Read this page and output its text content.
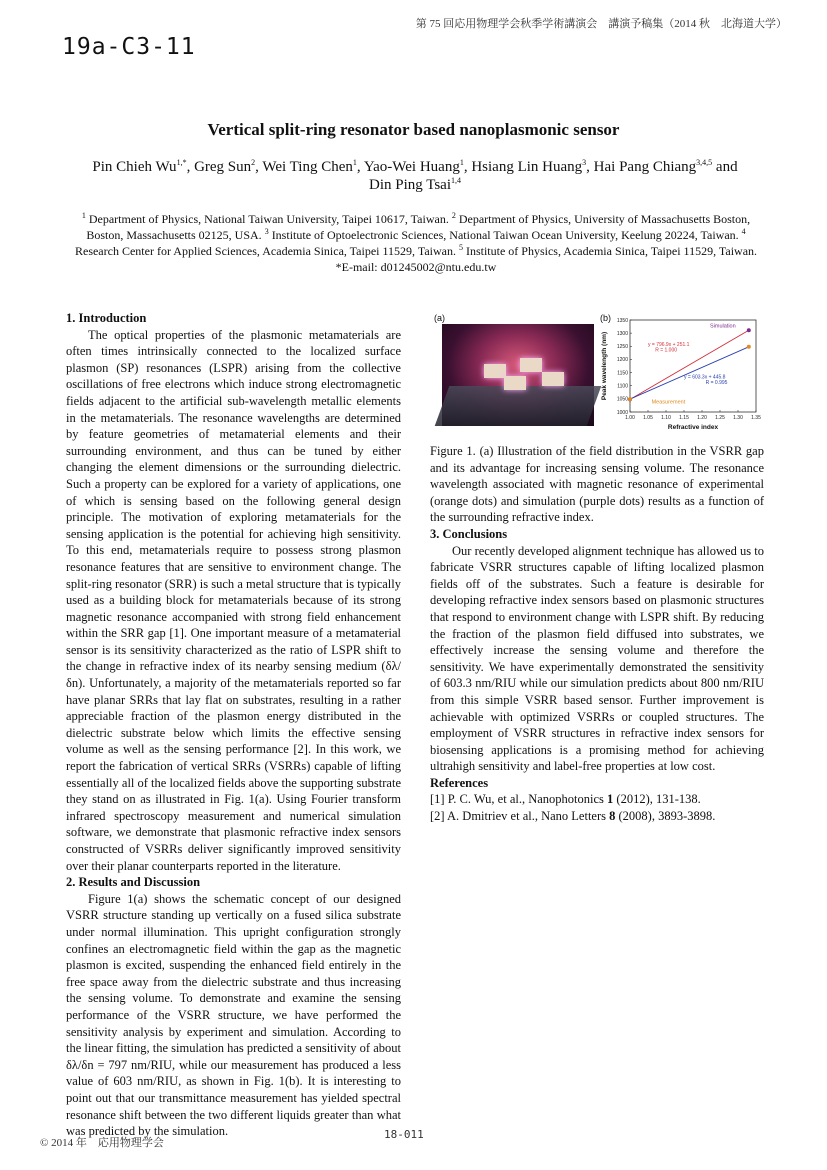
19a-C3-11
第 75 回応用物理学会秋季学術講演会　講演予稿集（2014 秋　北海道大学）
Vertical split-ring resonator based nanoplasmonic sensor
Pin Chieh $Wu^{1,*}$, Greg Sun$^2$, Wei Ting Chen$^1$, Yao-Wei Huang$^1$, Hsiang Lin Huang$^3$, Hai Pang Chiang$^{3,4,5}$ and Din Ping Tsai$^{1,4}$
$^1$ Department of Physics, National Taiwan University, Taipei 10617, Taiwan. $^2$ Department of Physics, University of Massachusetts Boston, Boston, Massachusetts 02125, USA. $^3$ Institute of Optoelectronic Sciences, National Taiwan Ocean University, Keelung 20224, Taiwan. $^4$ Research Center for Applied Sciences, Academia Sinica, Taipei 11529, Taiwan. $^5$ Institute of Physics, Academia Sinica, Taipei 11529, Taiwan.
*E-mail: d01245002@ntu.edu.tw
1. Introduction

The optical properties of the plasmonic metamaterials are often times intrinsically connected to the localized surface plasmon (SP) resonances (LSPR) arising from the collective oscillations of free electrons which induce strong electromagnetic fields adjacent to the artificial sub-wavelength metallic elements in the metamaterials. The resonance wavelengths are determined by feature geometries of metamaterial elements and their surrounding environment, and thus can be tuned by either changing the element dimensions or the surrounding dielectric. Such a property can be explored for a variety of applications, one of which is sensing based on the following general design principle. The motivation of exploring metamaterials for the sensing application is the potential for achieving high sensitivity. To this end, metamaterials require to possess strong plasmon resonance features that are sensitive to environment change. The split-ring resonator (SRR) is such a metal structure that is typically used as a building block for metamaterials because of its strong magnetic resonance accompanied with strong field enhancement within the SRR gap [1]. One important measure of a metamaterial sensor is its sensitivity characterized as the ratio of LSPR shift to the change in refractive index of its nearby sensing medium (δλ/δn). Unfortunately, a majority of the metamaterials reported so far have planar SRRs that lay flat on substrates, resulting in a rather appreciable fraction of the plasmon energy distributed in the dielectric substrate below which limits the effective sensing volume as well as the sensing performance [2]. In this work, we report the fabrication of vertical SRRs (VSRRs) capable of lifting essentially all of the localized fields above the supporting substrate they stand on as illustrated in Fig. 1(a). Using Fourier transform infrared spectroscopy measurement and numerical simulation software, we demonstrate that plasmonic refractive index sensors constructed of VSRRs deliver significantly improved sensitivity over their planar counterparts reported in the literature.

2. Results and Discussion

Figure 1(a) shows the schematic concept of our designed VSRR structure standing up vertically on a fused silica substrate under normal illumination. This upright configuration strongly confines an electromagnetic field within the gap as the magnetic plasmon is excited, suspending the enhanced field entirely in the free space away from the dielectric substrate and thus increasing the sensing volume. To demonstrate and examine the sensing performance of the VSRR structure, we have performed the sensitivity analysis by experiment and simulation. According to the linear fitting, the simulation has predicted a sensitivity of about δλ/δn = 797 nm/RIU, while our measurement has produced a less value of 603 nm/RIU, as shown in Fig. 1(b). It is interesting to point out that our transmittance measurement has yielded spectral resonance shift between the two different liquids greater than what was predicted by the simulation.

(a)	(b)
1.00 1.05 1.10 1.15 1.20 1.25 1.30 1.35
1000
1050
1100
1150
1200
1250
1300
1350
Refractive index
Peak wavelength (nm)
Simulation
y = 796.9x + 251.1
R = 1.000
Measurement
y = 603.3x + 445.8
R = 0.995

Figure 1. (a) Illustration of the field distribution in the VSRR gap and its advantage for increasing sensing volume. The resonance wavelength associated with magnetic resonance of experimental (orange dots) and simulation (purple dots) results as a function of the surrounding refractive index.

3. Conclusions

Our recently developed alignment technique has allowed us to fabricate VSRR structures capable of lifting localized plasmon fields off of the substrates. Such a feature is desirable for developing refractive index sensors based on plasmonic structures that respond to environment change with LSPR shift. By reducing the fraction of the plasmon field diffused into substrates, we effectively increase the sensing volume and therefore the sensitivity. We have experimentally demonstrated the sensitivity of 603.3 nm/RIU while our simulation predicts about 800 nm/RIU from this simple VSRR based sensor. Further improvement is achievable with optimized VSRRs or coupled structures. The employment of VSRR structures in refractive index sensors for biosensing applications is a promising method for achieving ultrahigh sensitivity and label-free properties at low cost.

References
[1] P. C. Wu, et al., Nanophotonics 1 (2012), 131-138.
[2] A. Dmitriev et al., Nano Letters 8 (2008), 3893-3898.
© 2014 年　応用物理学会
18-011
